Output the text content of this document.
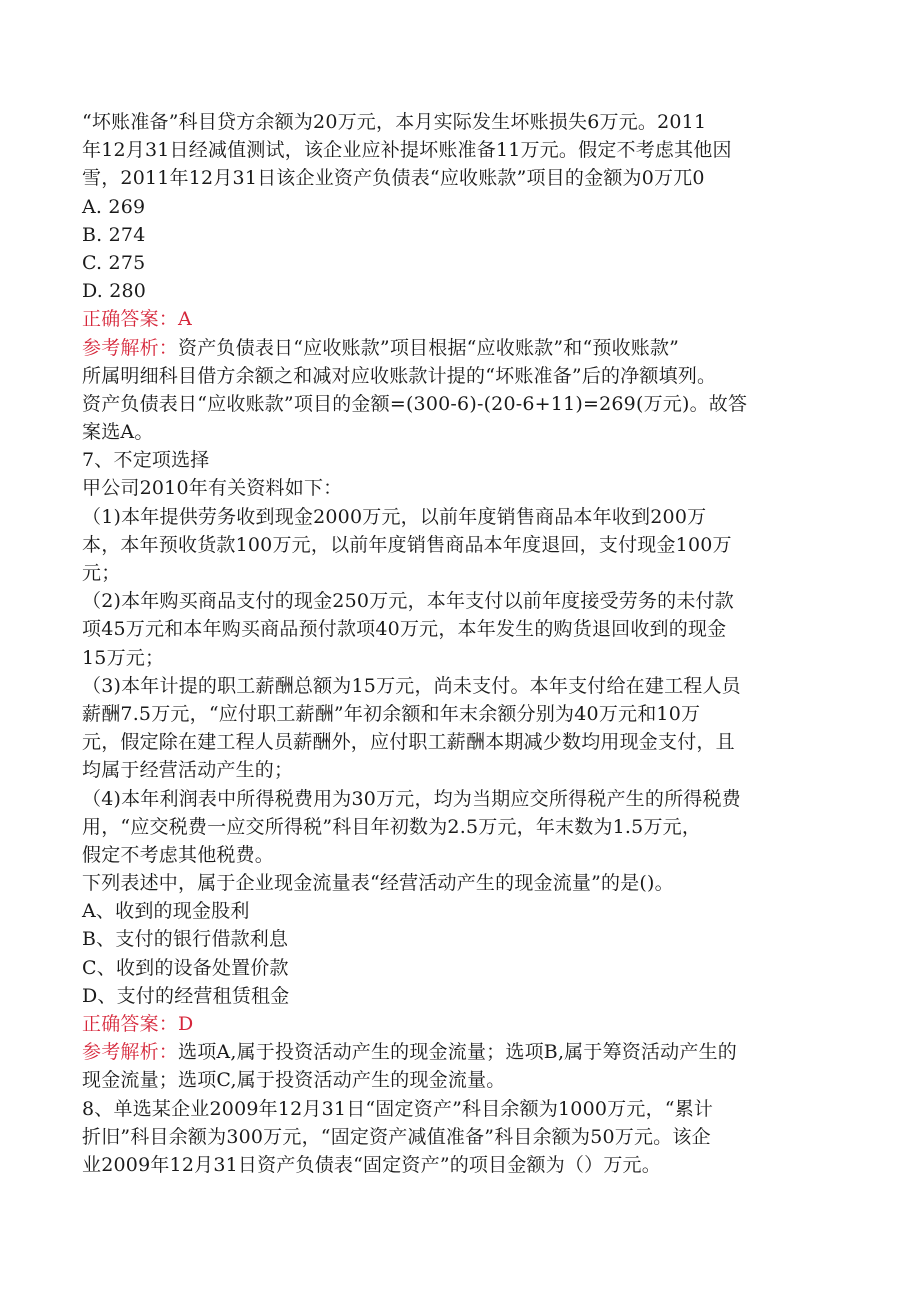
“坏账准备”科目贷方余额为20万元，本月实际发生坏账损失6万元。2011
年12月31日经减值测试，该企业应补提坏账准备11万元。假定不考虑其他因
雪，2011年12月31日该企业资产负债表“应收账款”项目的金额为0万兀0
A. 269
B. 274
C. 275
D. 280
正确答案：A
参考解析：资产负债表日“应收账款”项目根据“应收账款”和“预收账款”
所属明细科目借方余额之和减对应收账款计提的“坏账准备”后的净额填列。
资产负债表日“应收账款”项目的金额=(300-6)-(20-6+11)=269(万元)。故答
案选A。
7、不定项选择
甲公司2010年有关资料如下：
（1)本年提供劳务收到现金2000万元，以前年度销售商品本年收到200万
本，本年预收货款100万元，以前年度销售商品本年度退回，支付现金100万
元；
（2)本年购买商品支付的现金250万元，本年支付以前年度接受劳务的未付款
项45万元和本年购买商品预付款项40万元，本年发生的购货退回收到的现金
15万元；
（3)本年计提的职工薪酬总额为15万元，尚未支付。本年支付给在建工程人员
薪酬7.5万元，“应付职工薪酬”年初余额和年末余额分别为40万元和10万
元，假定除在建工程人员薪酬外，应付职工薪酬本期减少数均用现金支付，且
均属于经营活动产生的；
（4)本年利润表中所得税费用为30万元，均为当期应交所得税产生的所得税费
用，“应交税费一应交所得税”科目年初数为2.5万元，年末数为1.5万元，
假定不考虑其他税费。
下列表述中，属于企业现金流量表“经营活动产生的现金流量”的是()。
A、收到的现金股利
B、支付的银行借款利息
C、收到的设备处置价款
D、支付的经营租赁租金
正确答案：D
参考解析：选项A,属于投资活动产生的现金流量；选项B,属于筹资活动产生的
现金流量；选项C,属于投资活动产生的现金流量。
8、单选某企业2009年12月31日“固定资产”科目余额为1000万元，“累计
折旧”科目余额为300万元，“固定资产减值准备”科目余额为50万元。该企
业2009年12月31日资产负债表“固定资产”的项目金额为（）万元。
